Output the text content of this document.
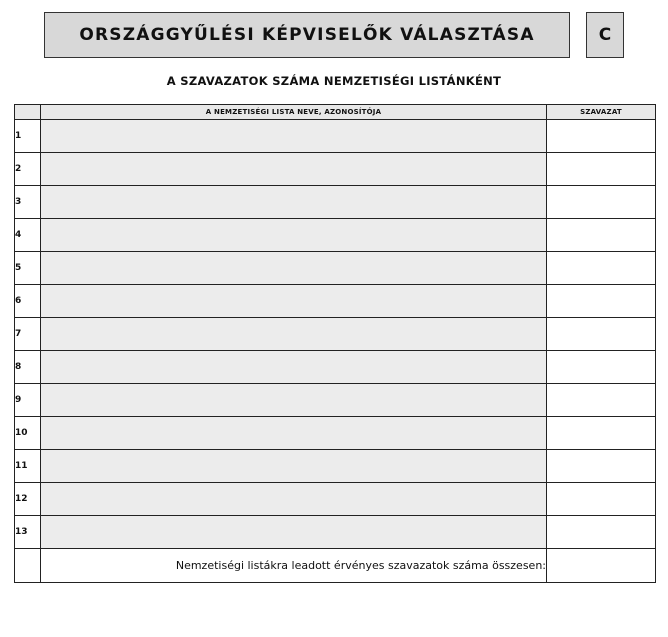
ORSZÁGGYŰLÉSI KÉPVISELŐK VÁLASZTÁSA	C
A SZAVAZATOK SZÁMA NEMZETISÉGI LISTÁNKÉNT
	A NEMZETISÉGI LISTA NEVE, AZONOSÍTÓJA	SZAVAZAT
1		
2		
3		
4		
5		
6		
7		
8		
9		
10		
11		
12		
13		
	Nemzetiségi listákra leadott érvényes szavazatok száma összesen:	
